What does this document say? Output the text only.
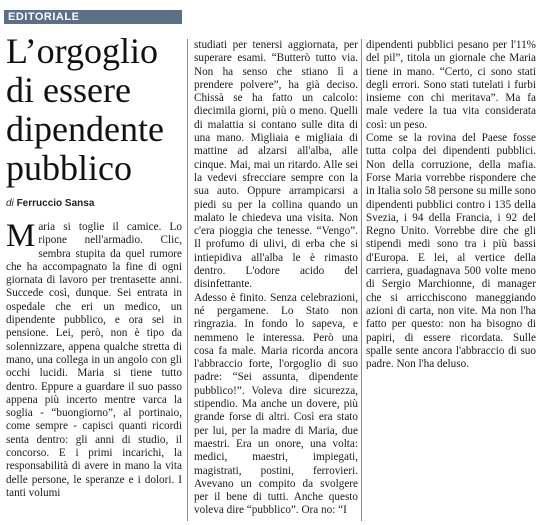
EDITORIALE
L’orgoglio di essere dipendente pubblico
di Ferruccio Sansa

Maria si toglie il camice. Lo ripone nell'armadio. Clic, sembra stupita da quel rumore che ha accompagnato la fine di ogni giornata di lavoro per trentasette anni. Succede così, dunque. Sei entrata in ospedale che eri un medico, un dipendente pubblico, e ora sei in pensione. Lei, però, non è tipo da solennizzare, appena qualche stretta di mano, una collega in un angolo con gli occhi lucidi. Maria si tiene tutto dentro. Eppure a guardare il suo passo appena più incerto mentre varca la soglia - “buongiorno”, al portinaio, come sempre - capisci quanti ricordi senta dentro: gli anni di studio, il concorso. E i primi incarichi, la responsabilità di avere in mano la vita delle persone, le speranze e i dolori. I tanti volumi

studiati per tenersi aggiornata, per superare esami. “Butterò tutto via. Non ha senso che stiano lì a prendere polvere”, ha già deciso. Chissà se ha fatto un calcolo: diecimila giorni, più o meno. Quelli di malattia si contano sulle dita di una mano. Migliaia e migliaia di mattine ad alzarsi all'alba, alle cinque. Mai, mai un ritardo. Alle sei la vedevi sfrecciare sempre con la sua auto. Oppure arrampicarsi a piedi su per la collina quando un malato le chiedeva una visita. Non c'era pioggia che tenesse. “Vengo”. Il profumo di ulivi, di erba che si intiepidiva all'alba le è rimasto dentro. L'odore acido del disinfettante.

Adesso è finito. Senza celebrazioni, né pergamene. Lo Stato non ringrazia. In fondo lo sapeva, e nemmeno le interessa. Però una cosa fa male. Maria ricorda ancora l'abbraccio forte, l'orgoglio di suo padre: “Sei assunta, dipendente pubblico!”. Voleva dire sicurezza, stipendio. Ma anche un dovere, più grande forse di altri. Così era stato per lui, per la madre di Maria, due maestri. Era un onore, una volta: medici, maestri, impiegati, magistrati, postini, ferrovieri. Avevano un compito da svolgere per il bene di tutti. Anche questo voleva dire “pubblico”. Ora no: “I

dipendenti pubblici pesano per l'11% del pil”, titola un giornale che Maria tiene in mano. “Certo, ci sono stati degli errori. Sono stati tutelati i furbi insieme con chi meritava”. Ma fa male vedere la tua vita considerata così: un peso.

Come se la rovina del Paese fosse tutta colpa dei dipendenti pubblici. Non della corruzione, della mafia. Forse Maria vorrebbe rispondere che in Italia solo 58 persone su mille sono dipendenti pubblici contro i 135 della Svezia, i 94 della Francia, i 92 del Regno Unito. Vorrebbe dire che gli stipendi medi sono tra i più bassi d'Europa. E lei, al vertice della carriera, guadagnava 500 volte meno di Sergio Marchionne, di manager che si arricchiscono maneggiando azioni di carta, non vite. Ma non l'ha fatto per questo: non ha bisogno di papiri, di essere ricordata. Sulle spalle sente ancora l'abbraccio di suo padre. Non l'ha deluso.
